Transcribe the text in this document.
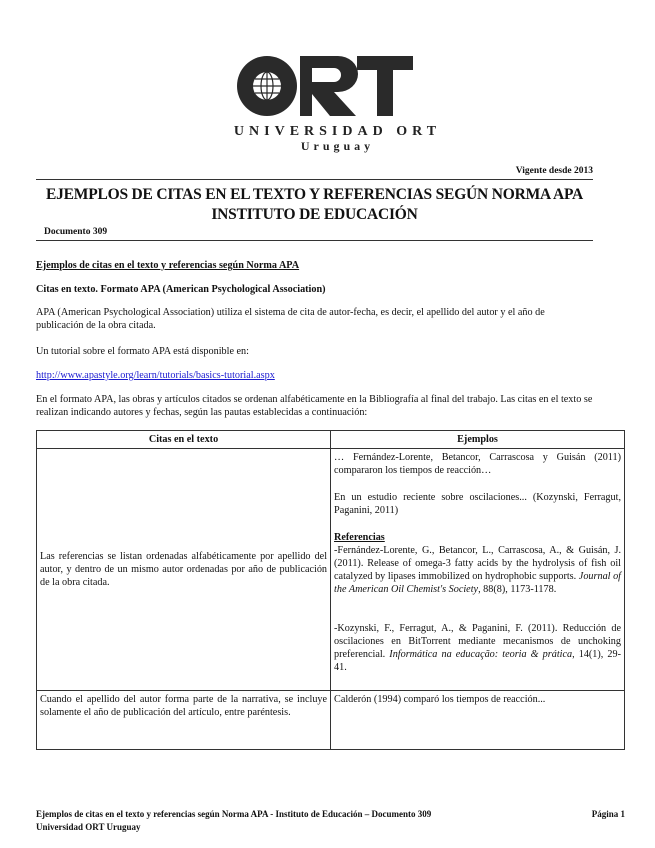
UNIVERSIDAD ORT
Uruguay
Vigente desde 2013
EJEMPLOS DE CITAS EN EL TEXTO Y REFERENCIAS SEGÚN NORMA APA
INSTITUTO DE EDUCACIÓN
Documento 309
Ejemplos de citas en el texto y referencias según Norma APA
Citas en texto. Formato APA (American Psychological Association)
APA (American Psychological Association) utiliza el sistema de cita de autor-fecha, es decir, el apellido del autor y el año de publicación de la obra citada.
Un tutorial sobre el formato APA está disponible en:
http://www.apastyle.org/learn/tutorials/basics-tutorial.aspx
En el formato APA, las obras y artículos citados se ordenan alfabéticamente en la Bibliografía al final del trabajo. Las citas en el texto se realizan indicando autores y fechas, según las pautas establecidas a continuación:
Citas en el texto	Ejemplos
Las referencias se listan ordenadas alfabéticamente por apellido del autor, y dentro de un mismo autor ordenadas por año de publicación de la obra citada.	… Fernández-Lorente, Betancor, Carrascosa y Guisán (2011) compararon los tiempos de reacción…
En un estudio reciente sobre oscilaciones... (Kozynski, Ferragut, Paganini, 2011)
Referencias
-Fernández-Lorente, G., Betancor, L., Carrascosa, A., & Guisán, J. (2011). Release of omega-3 fatty acids by the hydrolysis of fish oil catalyzed by lipases immobilized on hydrophobic supports. Journal of the American Oil Chemist's Society, 88(8), 1173-1178.
-Kozynski, F., Ferragut, A., & Paganini, F. (2011). Reducción de oscilaciones en BitTorrent mediante mecanismos de unchoking preferencial. Informática na educação: teoria & prática, 14(1), 29-41.

Cuando el apellido del autor forma parte de la narrativa, se incluye solamente el año de publicación del artículo, entre paréntesis.	Calderón (1994) comparó los tiempos de reacción...
Ejemplos de citas en el texto y referencias según Norma APA - Instituto de Educación – Documento 309
Universidad ORT Uruguay
Página 1
